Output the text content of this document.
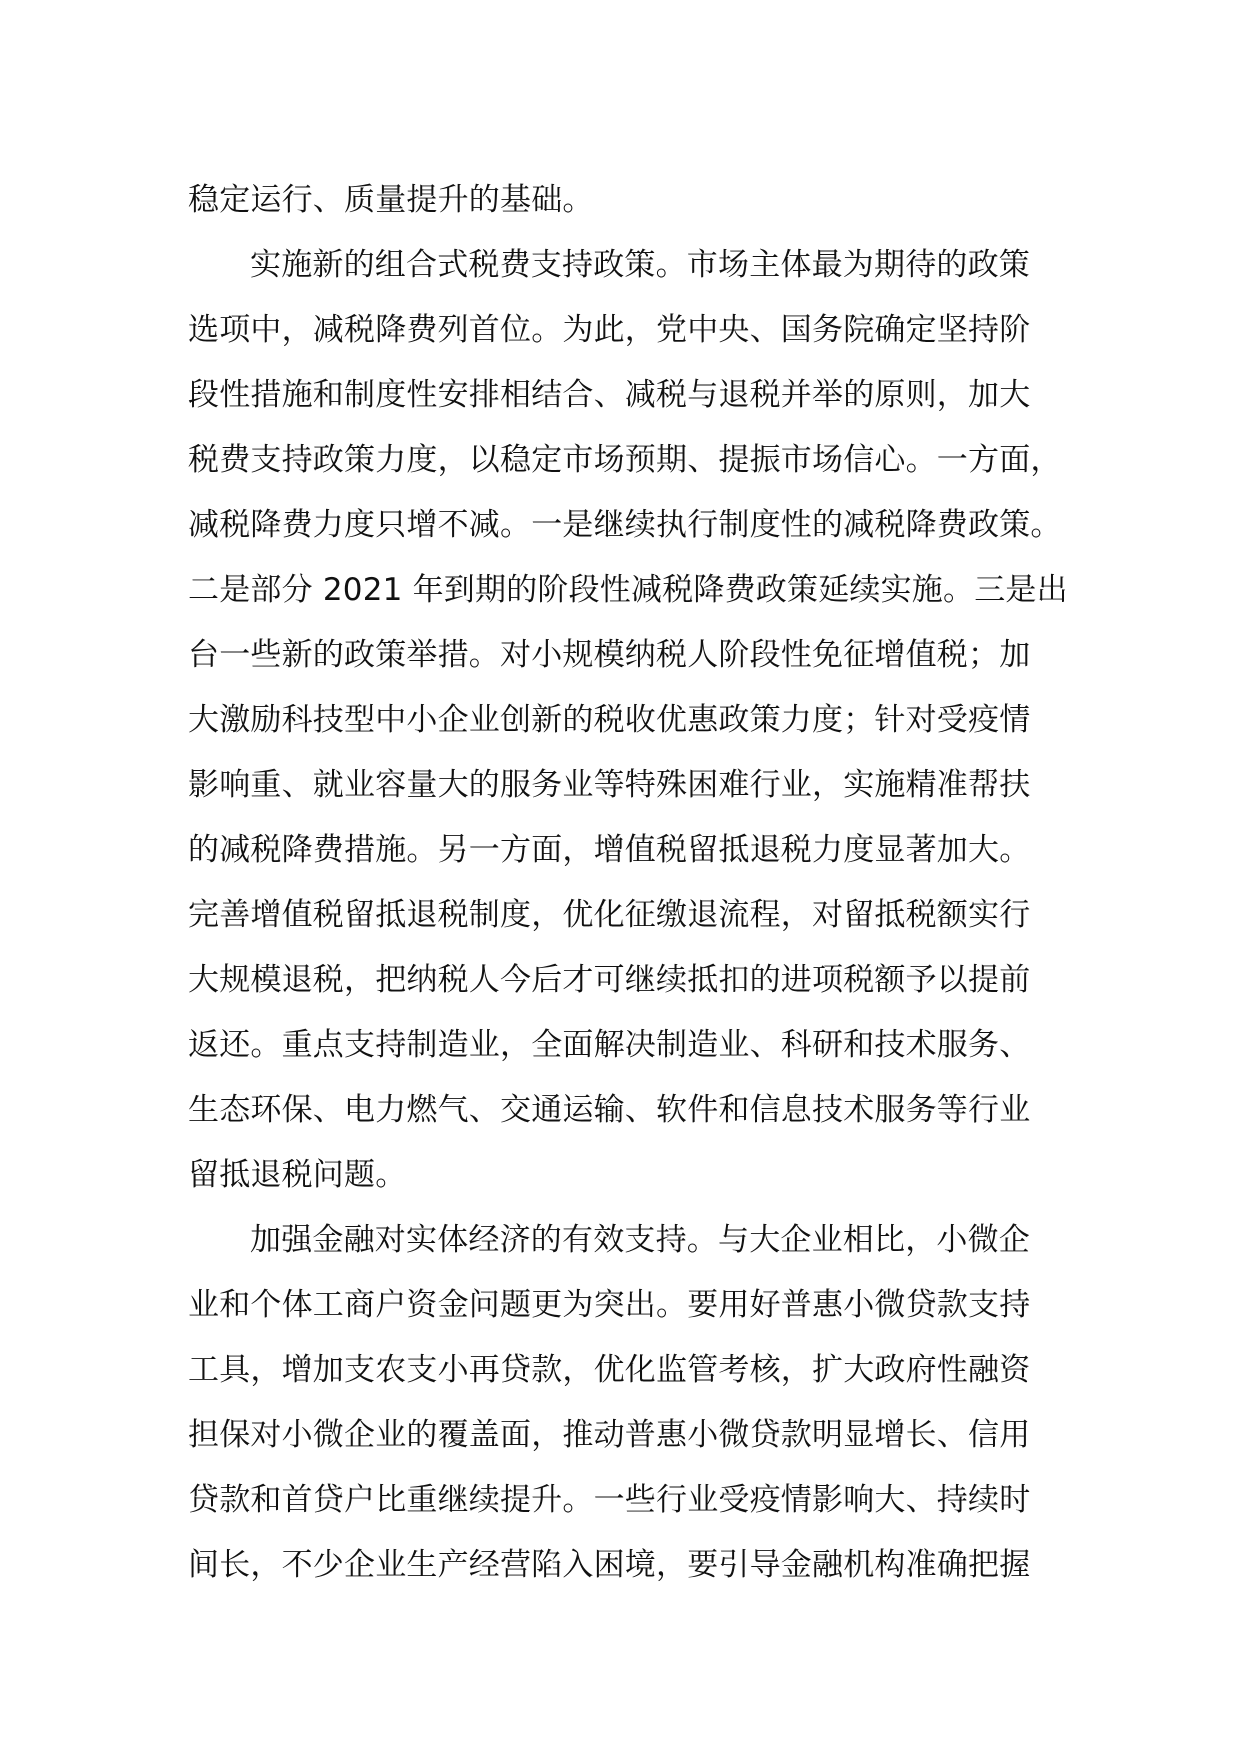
稳定运行、质量提升的基础。
实施新的组合式税费支持政策。市场主体最为期待的政策
选项中，减税降费列首位。为此，党中央、国务院确定坚持阶
段性措施和制度性安排相结合、减税与退税并举的原则，加大
税费支持政策力度，以稳定市场预期、提振市场信心。一方面，
减税降费力度只增不减。一是继续执行制度性的减税降费政策。
二是部分 2021 年到期的阶段性减税降费政策延续实施。三是出
台一些新的政策举措。对小规模纳税人阶段性免征增值税；加
大激励科技型中小企业创新的税收优惠政策力度；针对受疫情
影响重、就业容量大的服务业等特殊困难行业，实施精准帮扶
的减税降费措施。另一方面，增值税留抵退税力度显著加大。
完善增值税留抵退税制度，优化征缴退流程，对留抵税额实行
大规模退税，把纳税人今后才可继续抵扣的进项税额予以提前
返还。重点支持制造业，全面解决制造业、科研和技术服务、
生态环保、电力燃气、交通运输、软件和信息技术服务等行业
留抵退税问题。
加强金融对实体经济的有效支持。与大企业相比，小微企
业和个体工商户资金问题更为突出。要用好普惠小微贷款支持
工具，增加支农支小再贷款，优化监管考核，扩大政府性融资
担保对小微企业的覆盖面，推动普惠小微贷款明显增长、信用
贷款和首贷户比重继续提升。一些行业受疫情影响大、持续时
间长，不少企业生产经营陷入困境，要引导金融机构准确把握
